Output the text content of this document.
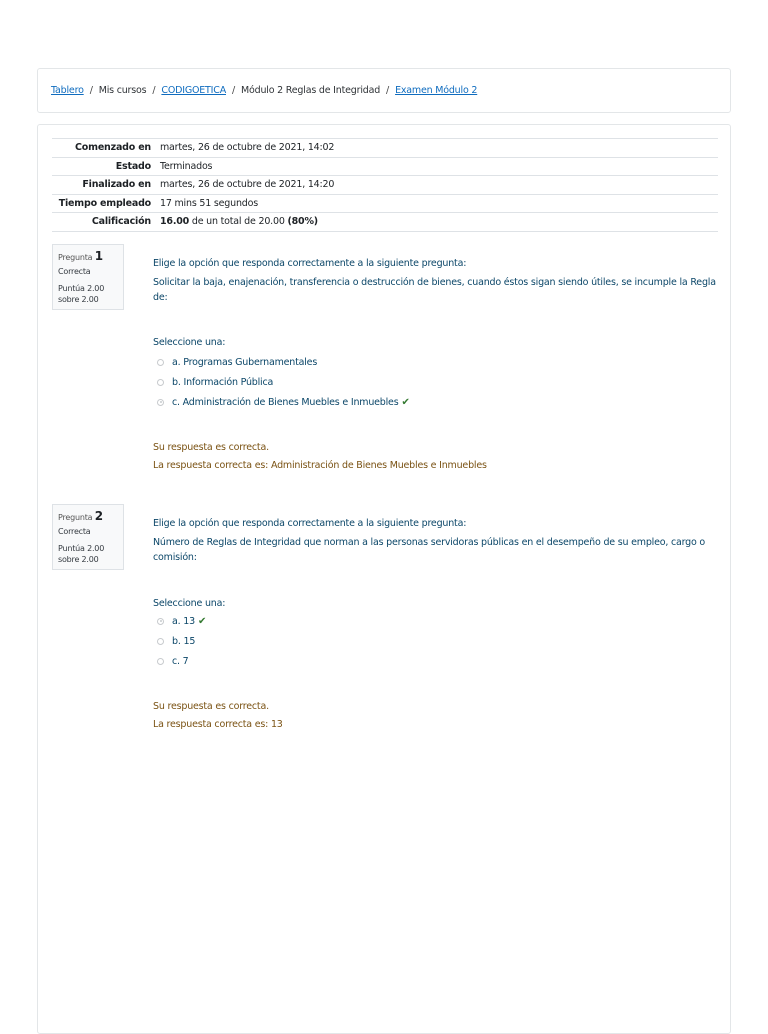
Tablero / Mis cursos / CODIGOETICA / Módulo 2 Reglas de Integridad / Examen Módulo 2
Comenzado en	martes, 26 de octubre de 2021, 14:02
Estado	Terminados
Finalizado en	martes, 26 de octubre de 2021, 14:20
Tiempo empleado	17 mins 51 segundos
Calificación	16.00 de un total de 20.00 (80%)
Pregunta 1
Correcta
Puntúa 2.00 sobre 2.00

Elige la opción que responda correctamente a la siguiente pregunta:

Solicitar la baja, enajenación, transferencia o destrucción de bienes, cuando éstos sigan siendo útiles, se incumple la Regla de:

Seleccione una:
a. Programas Gubernamentales
b. Información Pública
c. Administración de Bienes Muebles e Inmuebles ✔
Su respuesta es correcta.
La respuesta correcta es: Administración de Bienes Muebles e Inmuebles
Pregunta 2
Correcta
Puntúa 2.00 sobre 2.00

Elige la opción que responda correctamente a la siguiente pregunta:

Número de Reglas de Integridad que norman a las personas servidoras públicas en el desempeño de su empleo, cargo o comisión:

Seleccione una:
a. 13 ✔
b. 15
c. 7
Su respuesta es correcta.
La respuesta correcta es: 13
